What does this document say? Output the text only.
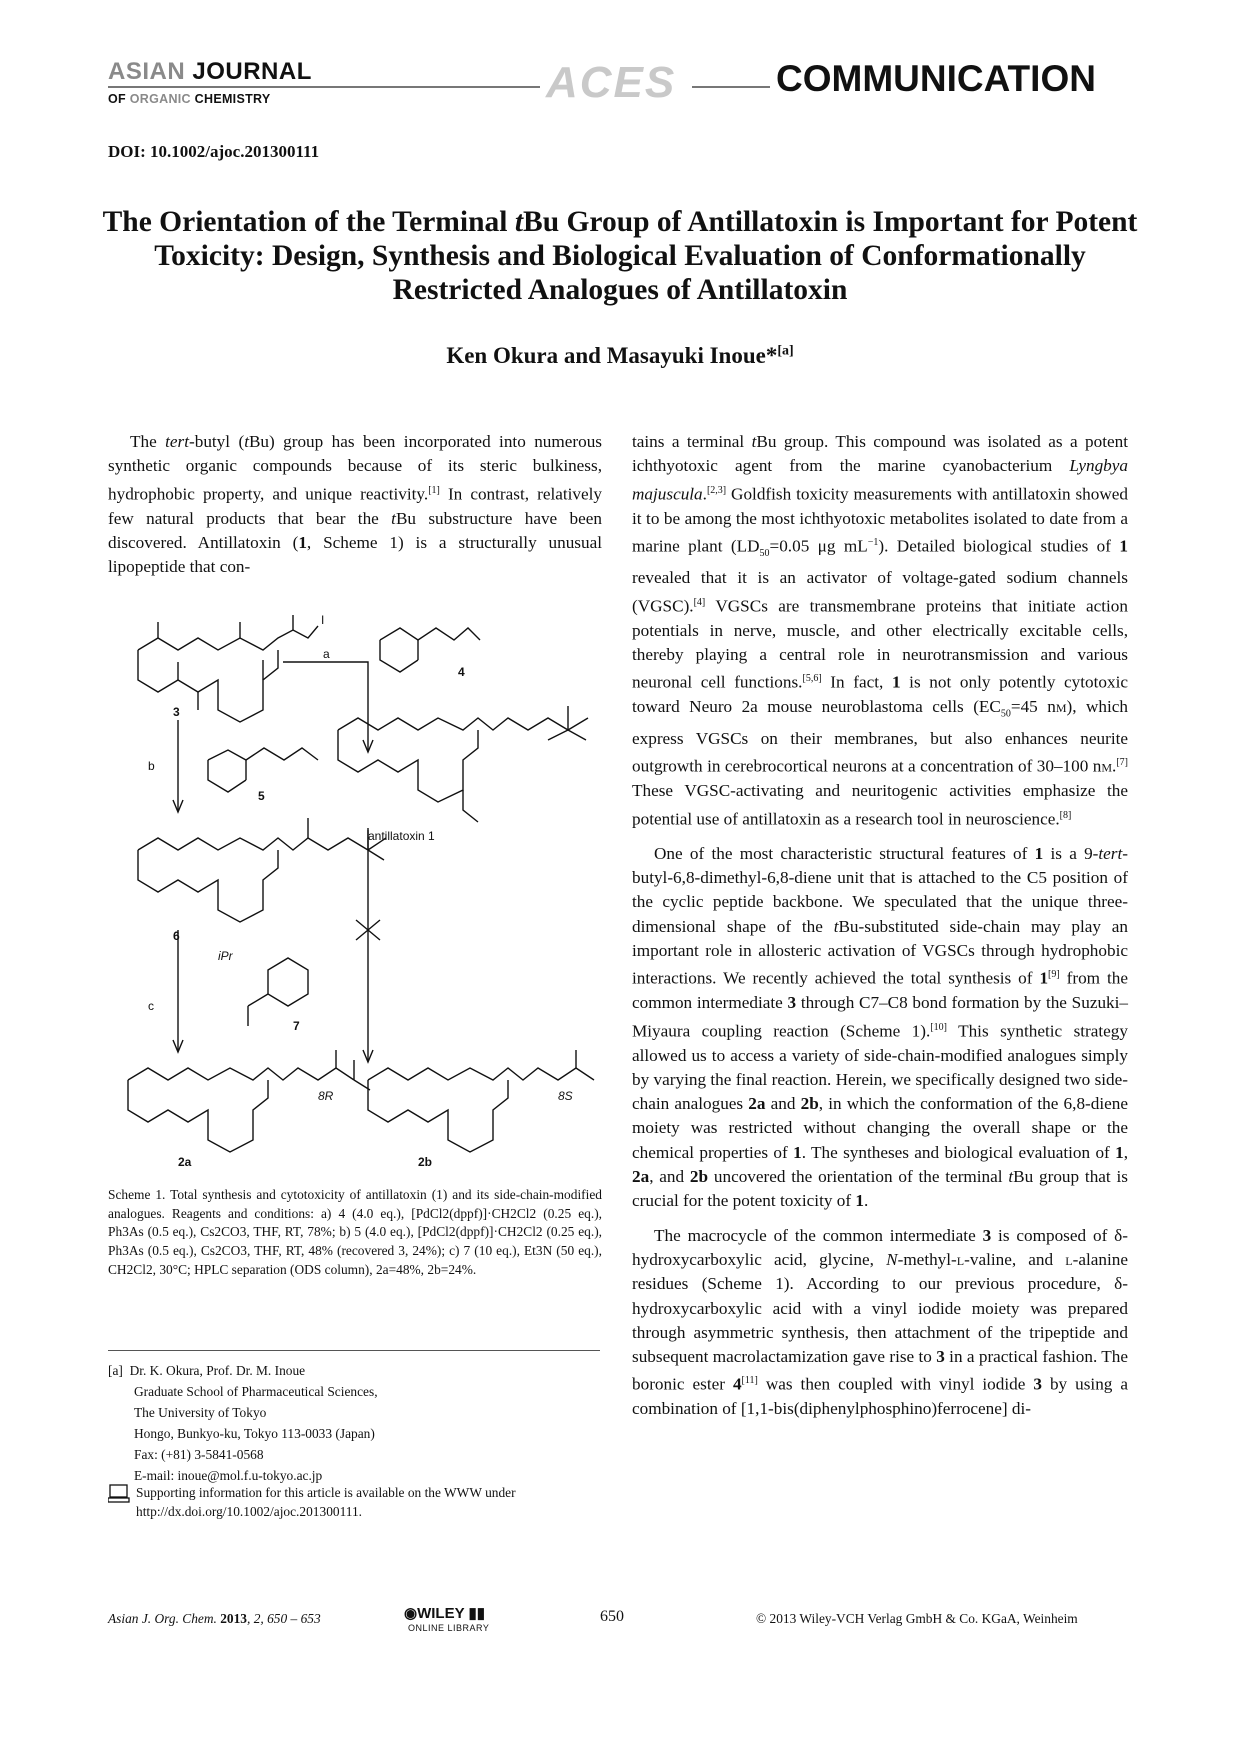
ASIAN JOURNAL
OF ORGANIC CHEMISTRY	ACES	COMMUNICATION
DOI: 10.1002/ajoc.201300111
The Orientation of the Terminal tBu Group of Antillatoxin is Important for Potent Toxicity: Design, Synthesis and Biological Evaluation of Conformationally Restricted Analogues of Antillatoxin
Ken Okura and Masayuki Inoue*[a]

The tert-butyl (tBu) group has been incorporated into numerous synthetic organic compounds because of its steric bulkiness, hydrophobic property, and unique reactivity.[1] In contrast, relatively few natural products that bear the tBu substructure have been discovered. Antillatoxin (1, Scheme 1) is a structurally unusual lipopeptide that con-

I
a
3
4
b
5
antillatoxin 1
6
c
iPr
7
8R	8S
2a	2b
Scheme 1. Total synthesis and cytotoxicity of antillatoxin (1) and its side-chain-modified analogues. Reagents and conditions: a) 4 (4.0 eq.), [PdCl2(dppf)]·CH2Cl2 (0.25 eq.), Ph3As (0.5 eq.), Cs2CO3, THF, RT, 78%; b) 5 (4.0 eq.), [PdCl2(dppf)]·CH2Cl2 (0.25 eq.), Ph3As (0.5 eq.), Cs2CO3, THF, RT, 48% (recovered 3, 24%); c) 7 (10 eq.), Et3N (50 eq.), CH2Cl2, 30°C; HPLC separation (ODS column), 2a=48%, 2b=24%.
[a] Dr. K. Okura, Prof. Dr. M. Inoue
Graduate School of Pharmaceutical Sciences,
The University of Tokyo
Hongo, Bunkyo-ku, Tokyo 113-0033 (Japan)
Fax: (+81) 3-5841-0568
E-mail: inoue@mol.f.u-tokyo.ac.jp
Supporting information for this article is available on the WWW under http://dx.doi.org/10.1002/ajoc.201300111.

tains a terminal tBu group. This compound was isolated as a potent ichthyotoxic agent from the marine cyanobacterium Lyngbya majuscula.[2,3] Goldfish toxicity measurements with antillatoxin showed it to be among the most ichthyotoxic metabolites isolated to date from a marine plant ($LD_{50}=0.05$ μg $mL^{-1}$). Detailed biological studies of 1 revealed that it is an activator of voltage-gated sodium channels (VGSC).[4] VGSCs are transmembrane proteins that initiate action potentials in nerve, muscle, and other electrically excitable cells, thereby playing a central role in neurotransmission and various neuronal cell functions.[5,6] In fact, 1 is not only potently cytotoxic toward Neuro 2a mouse neuroblastoma cells ($EC_{50}=45$ nm), which express VGSCs on their membranes, but also enhances neurite outgrowth in cerebrocortical neurons at a concentration of 30–100 nm.[7] These VGSC-activating and neuritogenic activities emphasize the potential use of antillatoxin as a research tool in neuroscience.[8]

One of the most characteristic structural features of 1 is a 9-tert-butyl-6,8-dimethyl-6,8-diene unit that is attached to the C5 position of the cyclic peptide backbone. We speculated that the unique three-dimensional shape of the tBu-substituted side-chain may play an important role in allosteric activation of VGSCs through hydrophobic interactions. We recently achieved the total synthesis of 1[9] from the common intermediate 3 through C7–C8 bond formation by the Suzuki–Miyaura coupling reaction (Scheme 1).[10] This synthetic strategy allowed us to access a variety of side-chain-modified analogues simply by varying the final reaction. Herein, we specifically designed two side-chain analogues 2a and 2b, in which the conformation of the 6,8-diene moiety was restricted without changing the overall shape or the chemical properties of 1. The syntheses and biological evaluation of 1, 2a, and 2b uncovered the orientation of the terminal tBu group that is crucial for the potent toxicity of 1.

The macrocycle of the common intermediate 3 is composed of δ-hydroxycarboxylic acid, glycine, N-methyl-l-valine, and l-alanine residues (Scheme 1). According to our previous procedure, δ-hydroxycarboxylic acid with a vinyl iodide moiety was prepared through asymmetric synthesis, then attachment of the tripeptide and subsequent macrolactamization gave rise to 3 in a practical fashion. The boronic ester 4[11] was then coupled with vinyl iodide 3 by using a combination of [1,1-bis(diphenylphosphino)ferrocene] di-

Asian J. Org. Chem. 2013, 2, 650 – 653	◉WILEY ▮▮
ONLINE LIBRARY
650	© 2013 Wiley-VCH Verlag GmbH & Co. KGaA, Weinheim
